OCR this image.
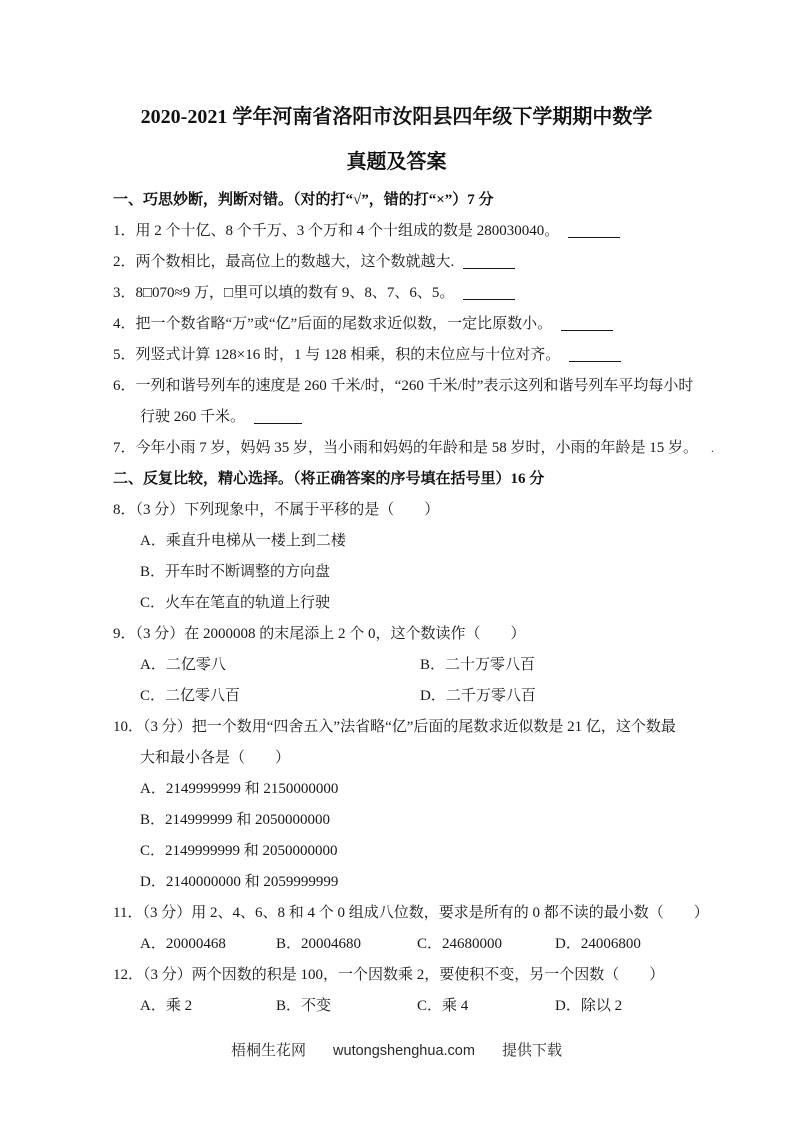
2020-2021 学年河南省洛阳市汝阳县四年级下学期期中数学
真题及答案
一、巧思妙断，判断对错。（对的打“√”，错的打“×”）7 分
1．用 2 个十亿、8 个千万、3 个万和 4 个十组成的数是 280030040。
2．两个数相比，最高位上的数越大，这个数就越大.
3．8□070≈9 万，□里可以填的数有 9、8、7、6、5。
4．把一个数省略“万”或“亿”后面的尾数求近似数，一定比原数小。
5．列竖式计算 128×16 时，1 与 128 相乘，积的末位应与十位对齐。
6．一列和谐号列车的速度是 260 千米/时，“260 千米/时”表示这列和谐号列车平均每小时
行驶 260 千米。
7．今年小雨 7 岁，妈妈 35 岁，当小雨和妈妈的年龄和是 58 岁时，小雨的年龄是 15 岁。 .
二、反复比较，精心选择。（将正确答案的序号填在括号里）16 分
8．（3 分）下列现象中，不属于平移的是（　　）
A．乘直升电梯从一楼上到二楼
B．开车时不断调整的方向盘
C．火车在笔直的轨道上行驶
9．（3 分）在 2000008 的末尾添上 2 个 0，这个数读作（　　）
A．二亿零八	B．二十万零八百
C．二亿零八百	D．二千万零八百
10．（3 分）把一个数用“四舍五入”法省略“亿”后面的尾数求近似数是 21 亿，这个数最
大和最小各是（　　）
A．2149999999 和 2150000000
B．214999999 和 2050000000
C．2149999999 和 2050000000
D．2140000000 和 2059999999
11．（3 分）用 2、4、6、8 和 4 个 0 组成八位数，要求是所有的 0 都不读的最小数（　　）
A．20000468	B．20004680	C．24680000	D．24006800
12．（3 分）两个因数的积是 100，一个因数乘 2，要使积不变，另一个因数（　　）
A．乘 2	B．不变	C．乘 4	D．除以 2
梧桐生花网 wutongshenghua.com 提供下载
